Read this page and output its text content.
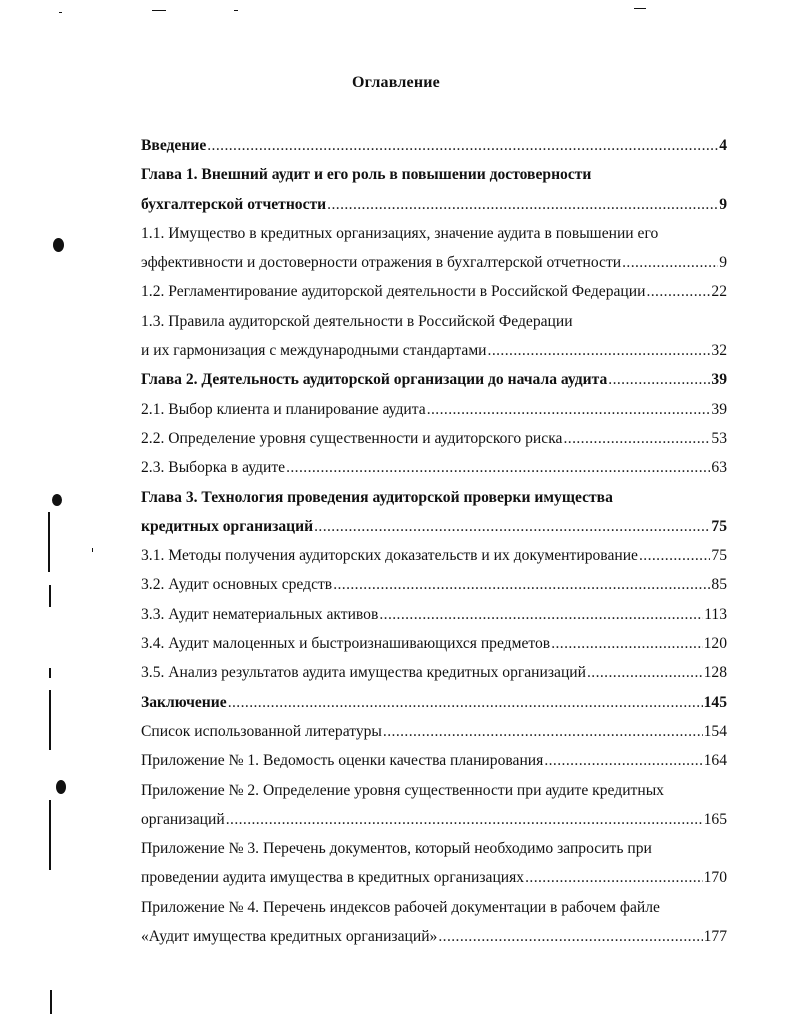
Оглавление
Введение .....	4
Глава 1. Внешний аудит и его роль в повышении достоверности
бухгалтерской отчетности .....	9
1.1. Имущество в кредитных организациях, значение аудита в повышении его
эффективности и достоверности отражения в бухгалтерской отчетности .....	9
1.2. Регламентирование аудиторской деятельности в Российской Федерации .....	22
1.3. Правила аудиторской деятельности в Российской Федерации
и их гармонизация с международными стандартами .....	32
Глава 2. Деятельность аудиторской организации до начала аудита .....	39
2.1. Выбор клиента и планирование аудита .....	39
2.2. Определение уровня существенности и аудиторского риска .....	53
2.3. Выборка в аудите .....	63
Глава 3. Технология проведения аудиторской проверки имущества
кредитных организаций .....	75
3.1. Методы получения аудиторских доказательств и их документирование .....	75
3.2. Аудит основных средств .....	85
3.3. Аудит нематериальных активов .....	113
3.4. Аудит малоценных и быстроизнашивающихся предметов .....	120
3.5. Анализ результатов аудита имущества кредитных организаций .....	128
Заключение .....	145
Список использованной литературы .....	154
Приложение № 1. Ведомость оценки качества планирования .....	164
Приложение № 2. Определение уровня существенности при аудите кредитных
организаций .....	165
Приложение № 3. Перечень документов, который необходимо запросить при
проведении аудита имущества в кредитных организациях .....	170
Приложение № 4. Перечень индексов рабочей документации в рабочем файле
«Аудит имущества кредитных организаций» .....	177
